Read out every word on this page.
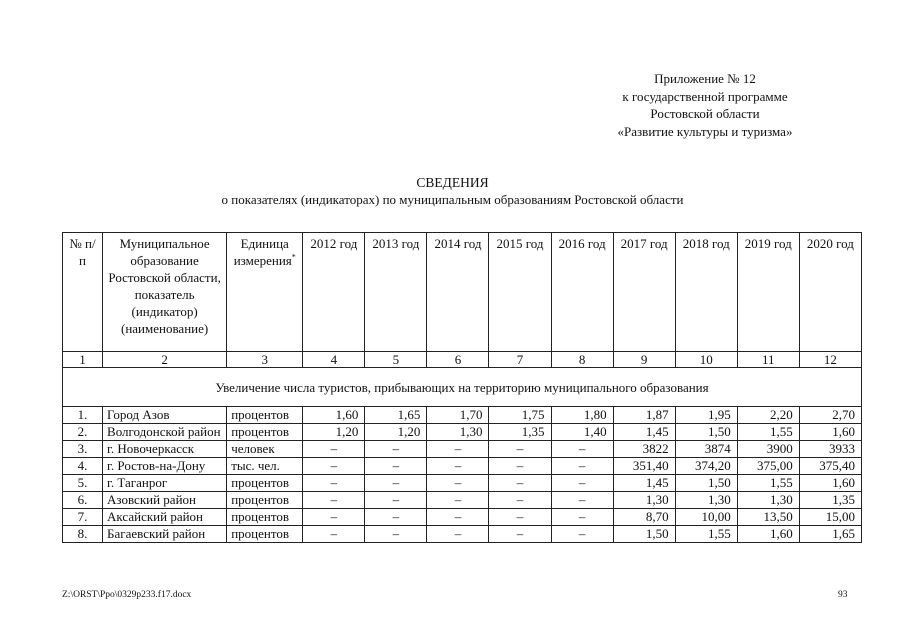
Приложение № 12
к государственной программе
Ростовской области
«Развитие культуры и туризма»
СВЕДЕНИЯ
о показателях (индикаторах) по муниципальным образованиям Ростовской области
№ п/п	Муниципальное образование Ростовской области, показатель (индикатор) (наименование)	Единица измерения*	2012 год	2013 год	2014 год	2015 год	2016 год	2017 год	2018 год	2019 год	2020 год
1	2	3	4	5	6	7	8	9	10	11	12
Увеличение числа туристов, прибывающих на территорию муниципального образования											
1.	Город Азов	процентов	1,60	1,65	1,70	1,75	1,80	1,87	1,95	2,20	2,70
2.	Волгодонской район	процентов	1,20	1,20	1,30	1,35	1,40	1,45	1,50	1,55	1,60
3.	г. Новочеркасск	человек	–	–	–	–	–	3822	3874	3900	3933
4.	г. Ростов-на-Дону	тыс. чел.	–	–	–	–	–	351,40	374,20	375,00	375,40
5.	г. Таганрог	процентов	–	–	–	–	–	1,45	1,50	1,55	1,60
6.	Азовский район	процентов	–	–	–	–	–	1,30	1,30	1,30	1,35
7.	Аксайский район	процентов	–	–	–	–	–	8,70	10,00	13,50	15,00
8.	Багаевский район	процентов	–	–	–	–	–	1,50	1,55	1,60	1,65
Z:\ORST\Ppo\0329p233.f17.docx	93
